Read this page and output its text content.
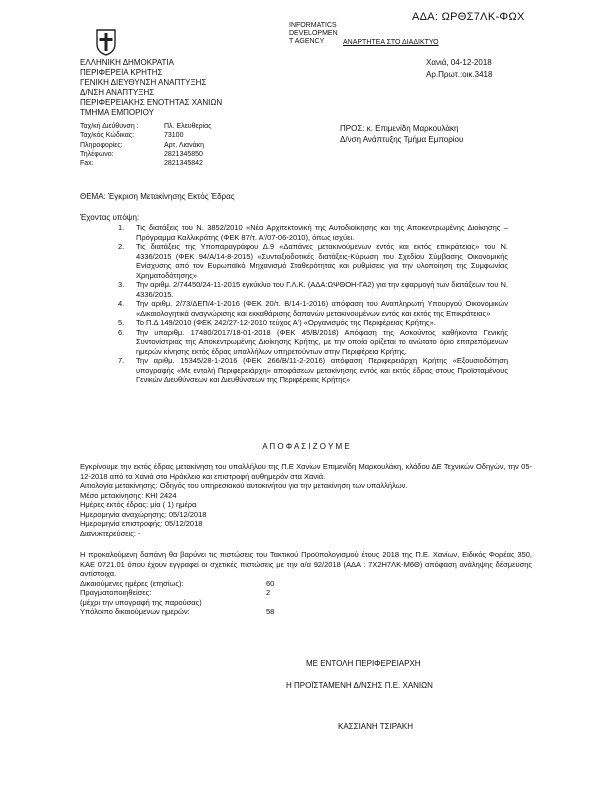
ΑΔΑ: ΩΡΘΣ7ΛΚ-ΦΩΧ
INFORMATICS
DEVELOPMEN
T AGENCY	ΑΝΑΡΤΗΤΕΑ ΣΤΟ ΔΙΑΔΙΚΤΥΟ
ΕΛΛΗΝΙΚΗ ΔΗΜΟΚΡΑΤΙΑ
ΠΕΡΙΦΕΡΕΙΑ ΚΡΗΤΗΣ
ΓΕΝΙΚΗ ΔΙΕΥΘΥΝΣΗ ΑΝΑΠΤΥΞΗΣ
Δ/ΝΣΗ ΑΝΑΠΤΥΞΗΣ
ΠΕΡΙΦΕΡΕΙΑΚΗΣ ΕΝΟΤΗΤΑΣ ΧΑΝΙΩΝ
ΤΜΗΜΑ ΕΜΠΟΡΙΟΥ
Χανιά, 04-12-2018
Αρ.Πρωτ.:οικ.3418
Ταχ/κή Διεύθυνση :	Πλ. Ελευθερίας
Ταχ/κός Κώδικας:	73100
Πληροφορίες:	Αρτ. Λιανάκη
Τηλέφωνο:	2821345850
Fax:	2821345842
ΠΡΟΣ: κ. Επιμενίδη Μαρκουλάκη
Δ/νση Ανάπτυξης Τμήμα Εμπορίου
ΘΕΜΑ: Έγκριση Μετακίνησης Εκτός Έδρας
Έχοντας υπόψη:
1.	Τις διατάξεις του Ν. 3852/2010 «Νέα Αρχιτεκτονική της Αυτοδιοίκησης και της Αποκεντρωμένης Διοίκησης – Πρόγραμμα Καλλικράτης (ΦΕΚ 87/τ. Α'/07-06-2010), όπως ισχύει.
2.	Τις διατάξεις της Υποπαραγράφου Δ.9 «Δαπάνες μετακινούμενων εντός και εκτός επικράτειας» του Ν. 4336/2015 (ΦΕΚ 94/Α/14-8-2015) «Συνταξιοδοτικές διατάξεις-Κύρωση του Σχεδίου Σύμβασης Οικονομικής Ενίσχυσης από τον Ευρωπαϊκό Μηχανισμό Σταθερότητας και ρυθμίσεις για την υλοποίηση της Συμφωνίας Χρηματοδότησης»
3.	Την αριθμ. 2/74450/24-11-2015 εγκύκλιο του Γ.Λ.Κ. (ΑΔΑ:ΩΨΘΟΗ-ΓΑ2) για την εφαρμογή των διατάξεων του Ν. 4336/2015.
4.	Την αριθμ. 2/73/ΔΕΠ/4-1-2016 (ΦΕΚ 20/τ. Β/14-1-2016) απόφαση του Αναπληρωτή Υπουργού Οικονομικών «Δικαιολογητικά αναγνώρισης και εκκαθάρισης δαπανών μετακινουμένων εντός και εκτός της Επικράτειας»
5.	Το Π.Δ 149/2010 (ΦΕΚ 242/27-12-2010 τεύχος Α') «Οργανισμός της Περιφέρειας Κρήτης».
6.	Την υπαριθμ. 17480/2017/18-01-2018 (ΦΕΚ 45/Β/2018) Απόφαση της Ασκούντος καθήκοντα Γενικής Συντονίστριας της Αποκεντρωμένης Διοίκησης Κρήτης, με την οποία ορίζεται το ανώτατο όριο επιτρεπόμενων ημερών κίνησης εκτός έδρας υπαλλήλων υπηρετούντων στην Περιφέρεια Κρήτης.
7.	Την αριθμ. 15345/28-1-2016 (ΦΕΚ 266/Β/11-2-2016) απόφαση Περιφερειάρχη Κρήτης «Εξουσιοδότηση υπογραφής «Με εντολή Περιφερειάρχη» αποφάσεων μετακίνησης εντός και εκτός έδρας στους Προϊσταμένους Γενικών Διευθύνσεων και Διευθύνσεων της Περιφέρειας Κρήτης»
Α Π Ο Φ Α Σ Ι Ζ Ο Υ Μ Ε

Εγκρίνουμε την εκτός έδρας μετακίνηση του υπαλλήλου της Π.Ε Χανίων Επιμενίδη Μαρκουλάκη, κλάδου ΔΕ Τεχνικών Οδηγών, την 05-12-2018 από τα Χανιά στο Ηράκλειο και επιστροφή αυθημερόν στα Χανιά.

Αιτιολογία μετακίνησης: Οδηγός του υπηρεσιακού αυτοκινήτου για την μετακίνηση των υπαλλήλων.

Μέσο μετακίνησης: ΚΗΙ 2424

Ημέρες εκτός έδρας: μία ( 1) ημέρα

Ημερομηνία αναχώρησης: 05/12/2018

Ημερομηνία επιστροφής: 05/12/2018

Διανυκτερεύσεις: -

Η προκαλούμενη δαπάνη θα βαρύνει τις πιστώσεις του Τακτικού Προϋπολογισμού έτους 2018 της Π.Ε. Χανίων, Ειδικός Φορέας 350, ΚΑΕ 0721.01 όπου έχουν εγγραφεί οι σχετικές πιστώσεις με την α/α 92/2018 (ΑΔΑ : 7Χ2Η7ΛΚ-Μ6Θ) απόφαση ανάληψης δέσμευσης αντίστοιχα.

Δικαιούμενες ημέρες (ετησίως):	60
Πραγματοποιηθείσες:	2
(μέχρι την υπογραφή της παρούσας)
Υπόλοιπο δικαιούμενων ημερών:	58
ΜΕ ΕΝΤΟΛΗ ΠΕΡΙΦΕΡΕΙΑΡΧΗ
Η ΠΡΟΪΣΤΑΜΕΝΗ Δ/ΝΣΗΣ Π.Ε. ΧΑΝΙΩΝ
ΚΑΣΣΙΑΝΗ ΤΣΙΡΑΚΗ
